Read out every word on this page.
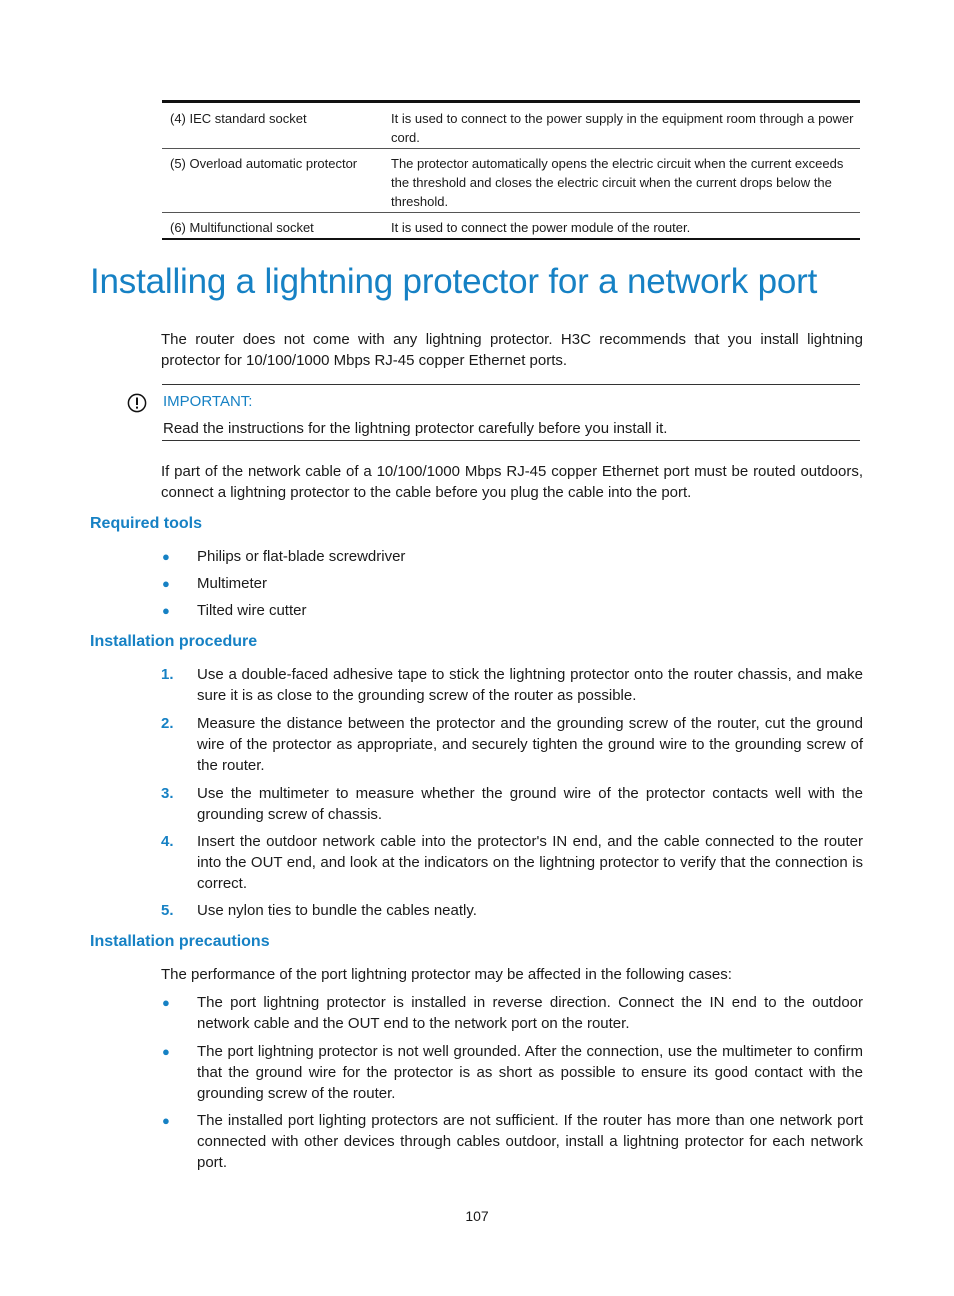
(4) IEC standard socket	It is used to connect to the power supply in the equipment room through a power cord.
(5) Overload automatic protector	The protector automatically opens the electric circuit when the current exceeds the threshold and closes the electric circuit when the current drops below the threshold.
(6) Multifunctional socket	It is used to connect the power module of the router.
Installing a lightning protector for a network port

The router does not come with any lightning protector. H3C recommends that you install lightning protector for 10/100/1000 Mbps RJ-45 copper Ethernet ports.

IMPORTANT:
Read the instructions for the lightning protector carefully before you install it.

If part of the network cable of a 10/100/1000 Mbps RJ-45 copper Ethernet port must be routed outdoors, connect a lightning protector to the cable before you plug the cable into the port.

Required tools
● Philips or flat-blade screwdriver
● Multimeter
● Tilted wire cutter
Installation procedure
1. Use a double-faced adhesive tape to stick the lightning protector onto the router chassis, and make sure it is as close to the grounding screw of the router as possible.
2. Measure the distance between the protector and the grounding screw of the router, cut the ground wire of the protector as appropriate, and securely tighten the ground wire to the grounding screw of the router.
3. Use the multimeter to measure whether the ground wire of the protector contacts well with the grounding screw of chassis.
4. Insert the outdoor network cable into the protector's IN end, and the cable connected to the router into the OUT end, and look at the indicators on the lightning protector to verify that the connection is correct.
5. Use nylon ties to bundle the cables neatly.
Installation precautions

The performance of the port lightning protector may be affected in the following cases:

● The port lightning protector is installed in reverse direction. Connect the IN end to the outdoor network cable and the OUT end to the network port on the router.
● The port lightning protector is not well grounded. After the connection, use the multimeter to confirm that the ground wire for the protector is as short as possible to ensure its good contact with the grounding screw of the router.
● The installed port lighting protectors are not sufficient. If the router has more than one network port connected with other devices through cables outdoor, install a lightning protector for each network port.
107
